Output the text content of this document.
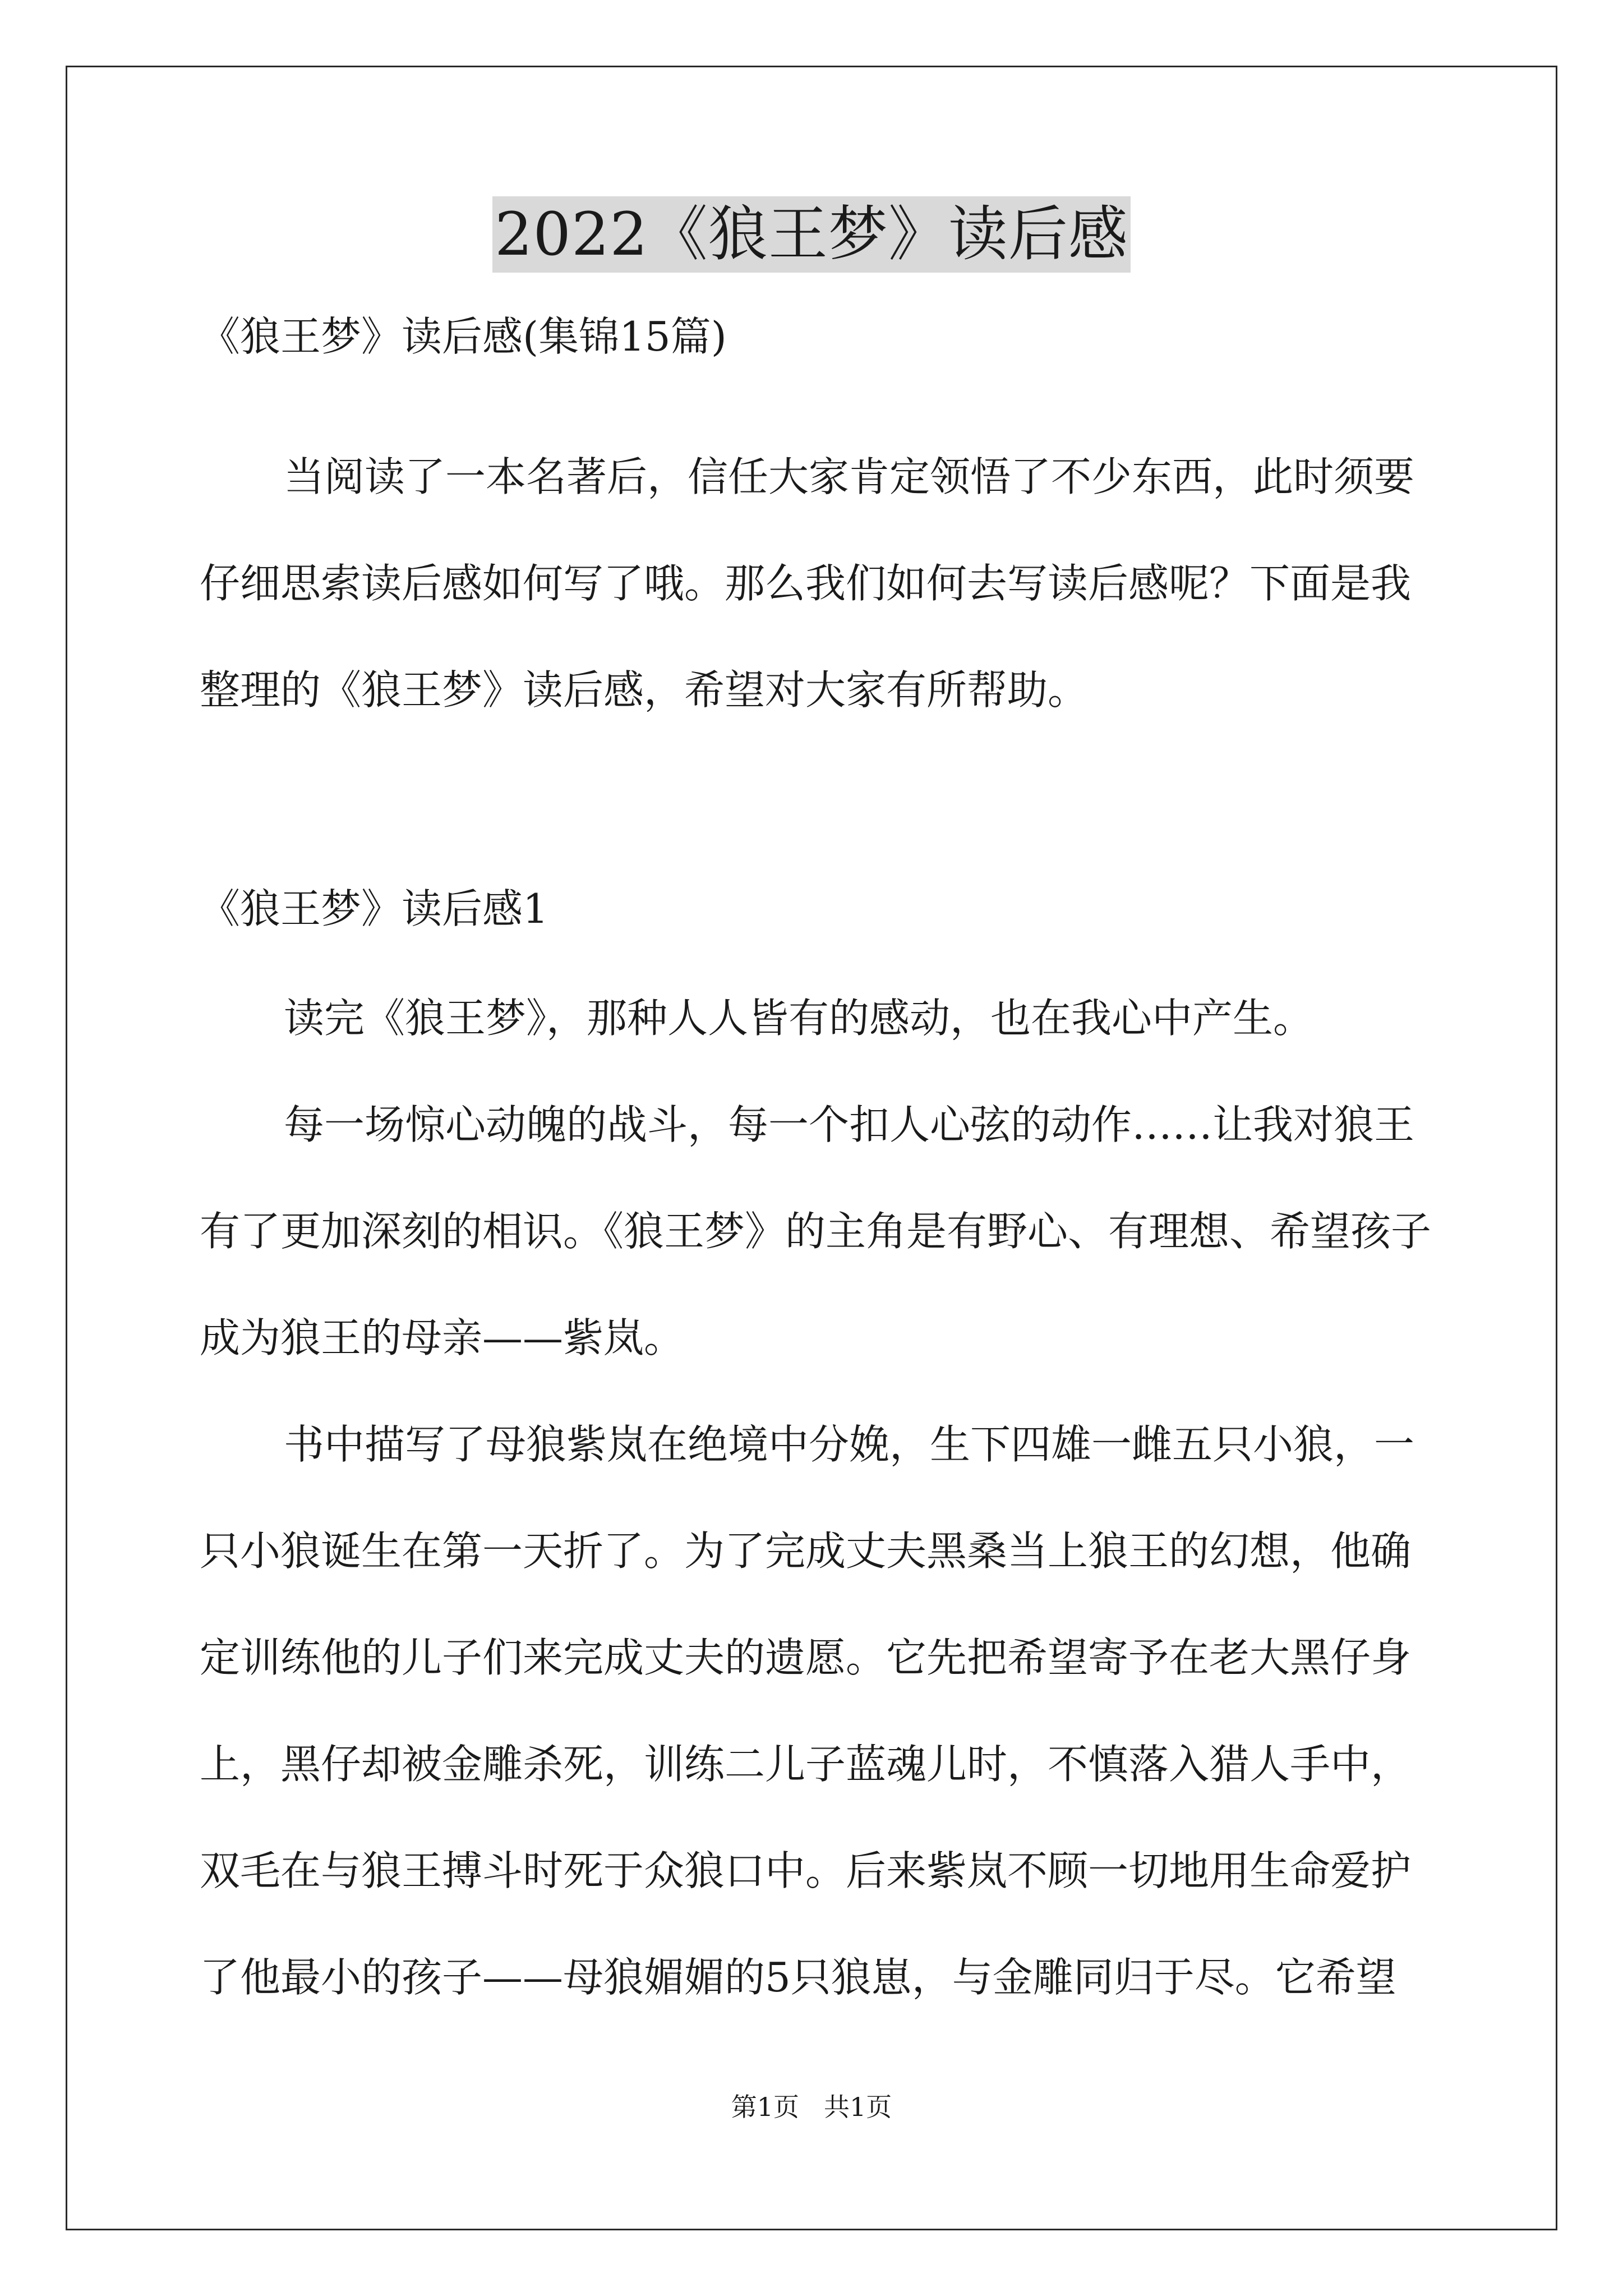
2022《狼王梦》读后感
《狼王梦》读后感(集锦15篇)
当阅读了一本名著后，信任大家肯定领悟了不少东西，此时须要
仔细思索读后感如何写了哦。那么我们如何去写读后感呢？下面是我
整理的《狼王梦》读后感，希望对大家有所帮助。
《狼王梦》读后感1
读完《狼王梦》，那种人人皆有的感动，也在我心中产生。
每一场惊心动魄的战斗，每一个扣人心弦的动作……让我对狼王
有了更加深刻的相识。《狼王梦》的主角是有野心、有理想、希望孩子
成为狼王的母亲——紫岚。
书中描写了母狼紫岚在绝境中分娩，生下四雄一雌五只小狼，一
只小狼诞生在第一天折了。为了完成丈夫黑桑当上狼王的幻想，他确
定训练他的儿子们来完成丈夫的遗愿。它先把希望寄予在老大黑仔身
上，黑仔却被金雕杀死，训练二儿子蓝魂儿时，不慎落入猎人手中，
双毛在与狼王搏斗时死于众狼口中。后来紫岚不顾一切地用生命爱护
了他最小的孩子——母狼媚媚的5只狼崽，与金雕同归于尽。它希望
第1页 共1页
